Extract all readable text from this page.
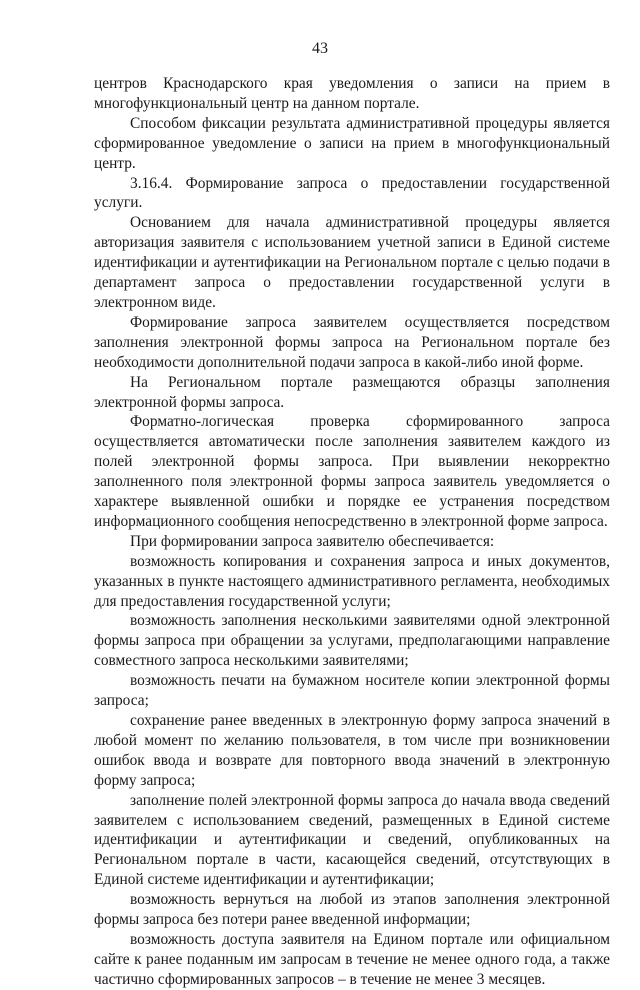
43

центров Краснодарского края уведомления о записи на прием в многофункциональный центр на данном портале.

Способом фиксации результата административной процедуры является сформированное уведомление о записи на прием в многофункциональный центр.

3.16.4. Формирование запроса о предоставлении государственной услуги.

Основанием для начала административной процедуры является авторизация заявителя с использованием учетной записи в Единой системе идентификации и аутентификации на Региональном портале с целью подачи в департамент запроса о предоставлении государственной услуги в электронном виде.

Формирование запроса заявителем осуществляется посредством заполнения электронной формы запроса на Региональном портале без необходимости дополнительной подачи запроса в какой-либо иной форме.

На Региональном портале размещаются образцы заполнения электронной формы запроса.

Форматно-логическая проверка сформированного запроса осуществляется автоматически после заполнения заявителем каждого из полей электронной формы запроса. При выявлении некорректно заполненного поля электронной формы запроса заявитель уведомляется о характере выявленной ошибки и порядке ее устранения посредством информационного сообщения непосредственно в электронной форме запроса.

При формировании запроса заявителю обеспечивается:

возможность копирования и сохранения запроса и иных документов, указанных в пункте настоящего административного регламента, необходимых для предоставления государственной услуги;

возможность заполнения несколькими заявителями одной электронной формы запроса при обращении за услугами, предполагающими направление совместного запроса несколькими заявителями;

возможность печати на бумажном носителе копии электронной формы запроса;

сохранение ранее введенных в электронную форму запроса значений в любой момент по желанию пользователя, в том числе при возникновении ошибок ввода и возврате для повторного ввода значений в электронную форму запроса;

заполнение полей электронной формы запроса до начала ввода сведений заявителем с использованием сведений, размещенных в Единой системе идентификации и аутентификации и сведений, опубликованных на Региональном портале в части, касающейся сведений, отсутствующих в Единой системе идентификации и аутентификации;

возможность вернуться на любой из этапов заполнения электронной формы запроса без потери ранее введенной информации;

возможность доступа заявителя на Едином портале или официальном сайте к ранее поданным им запросам в течение не менее одного года, а также частично сформированных запросов – в течение не менее 3 месяцев.
